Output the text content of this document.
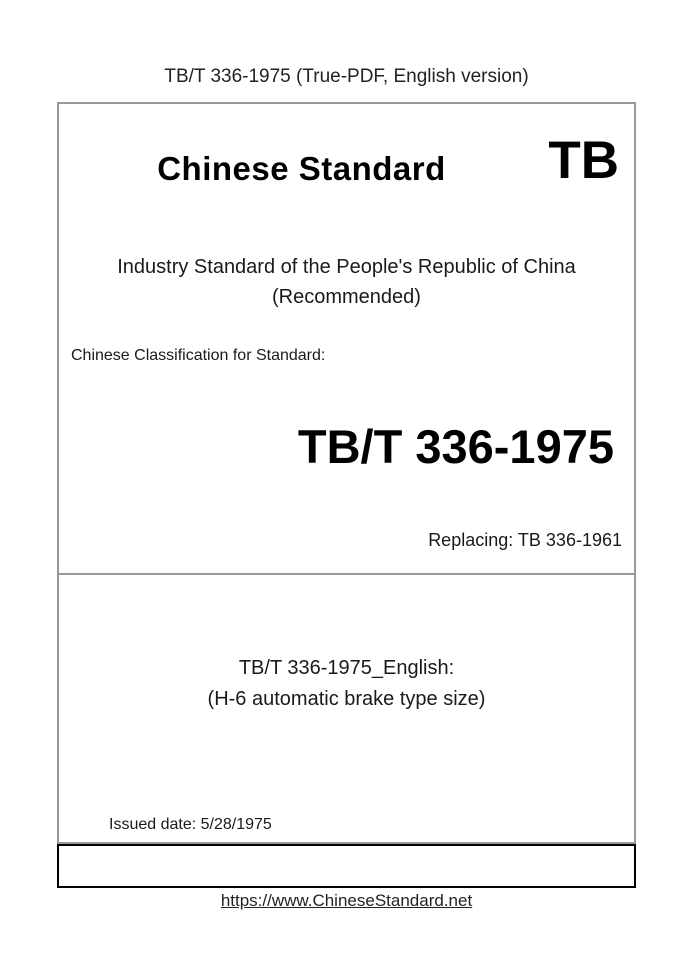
TB/T 336-1975 (True-PDF, English version)
Chinese Standard	TB
Industry Standard of the People's Republic of China
(Recommended)
Chinese Classification for Standard:
TB/T 336-1975
Replacing: TB 336-1961
TB/T 336-1975_English:
(H-6 automatic brake type size)
Issued date: 5/28/1975
https://www.ChineseStandard.net
